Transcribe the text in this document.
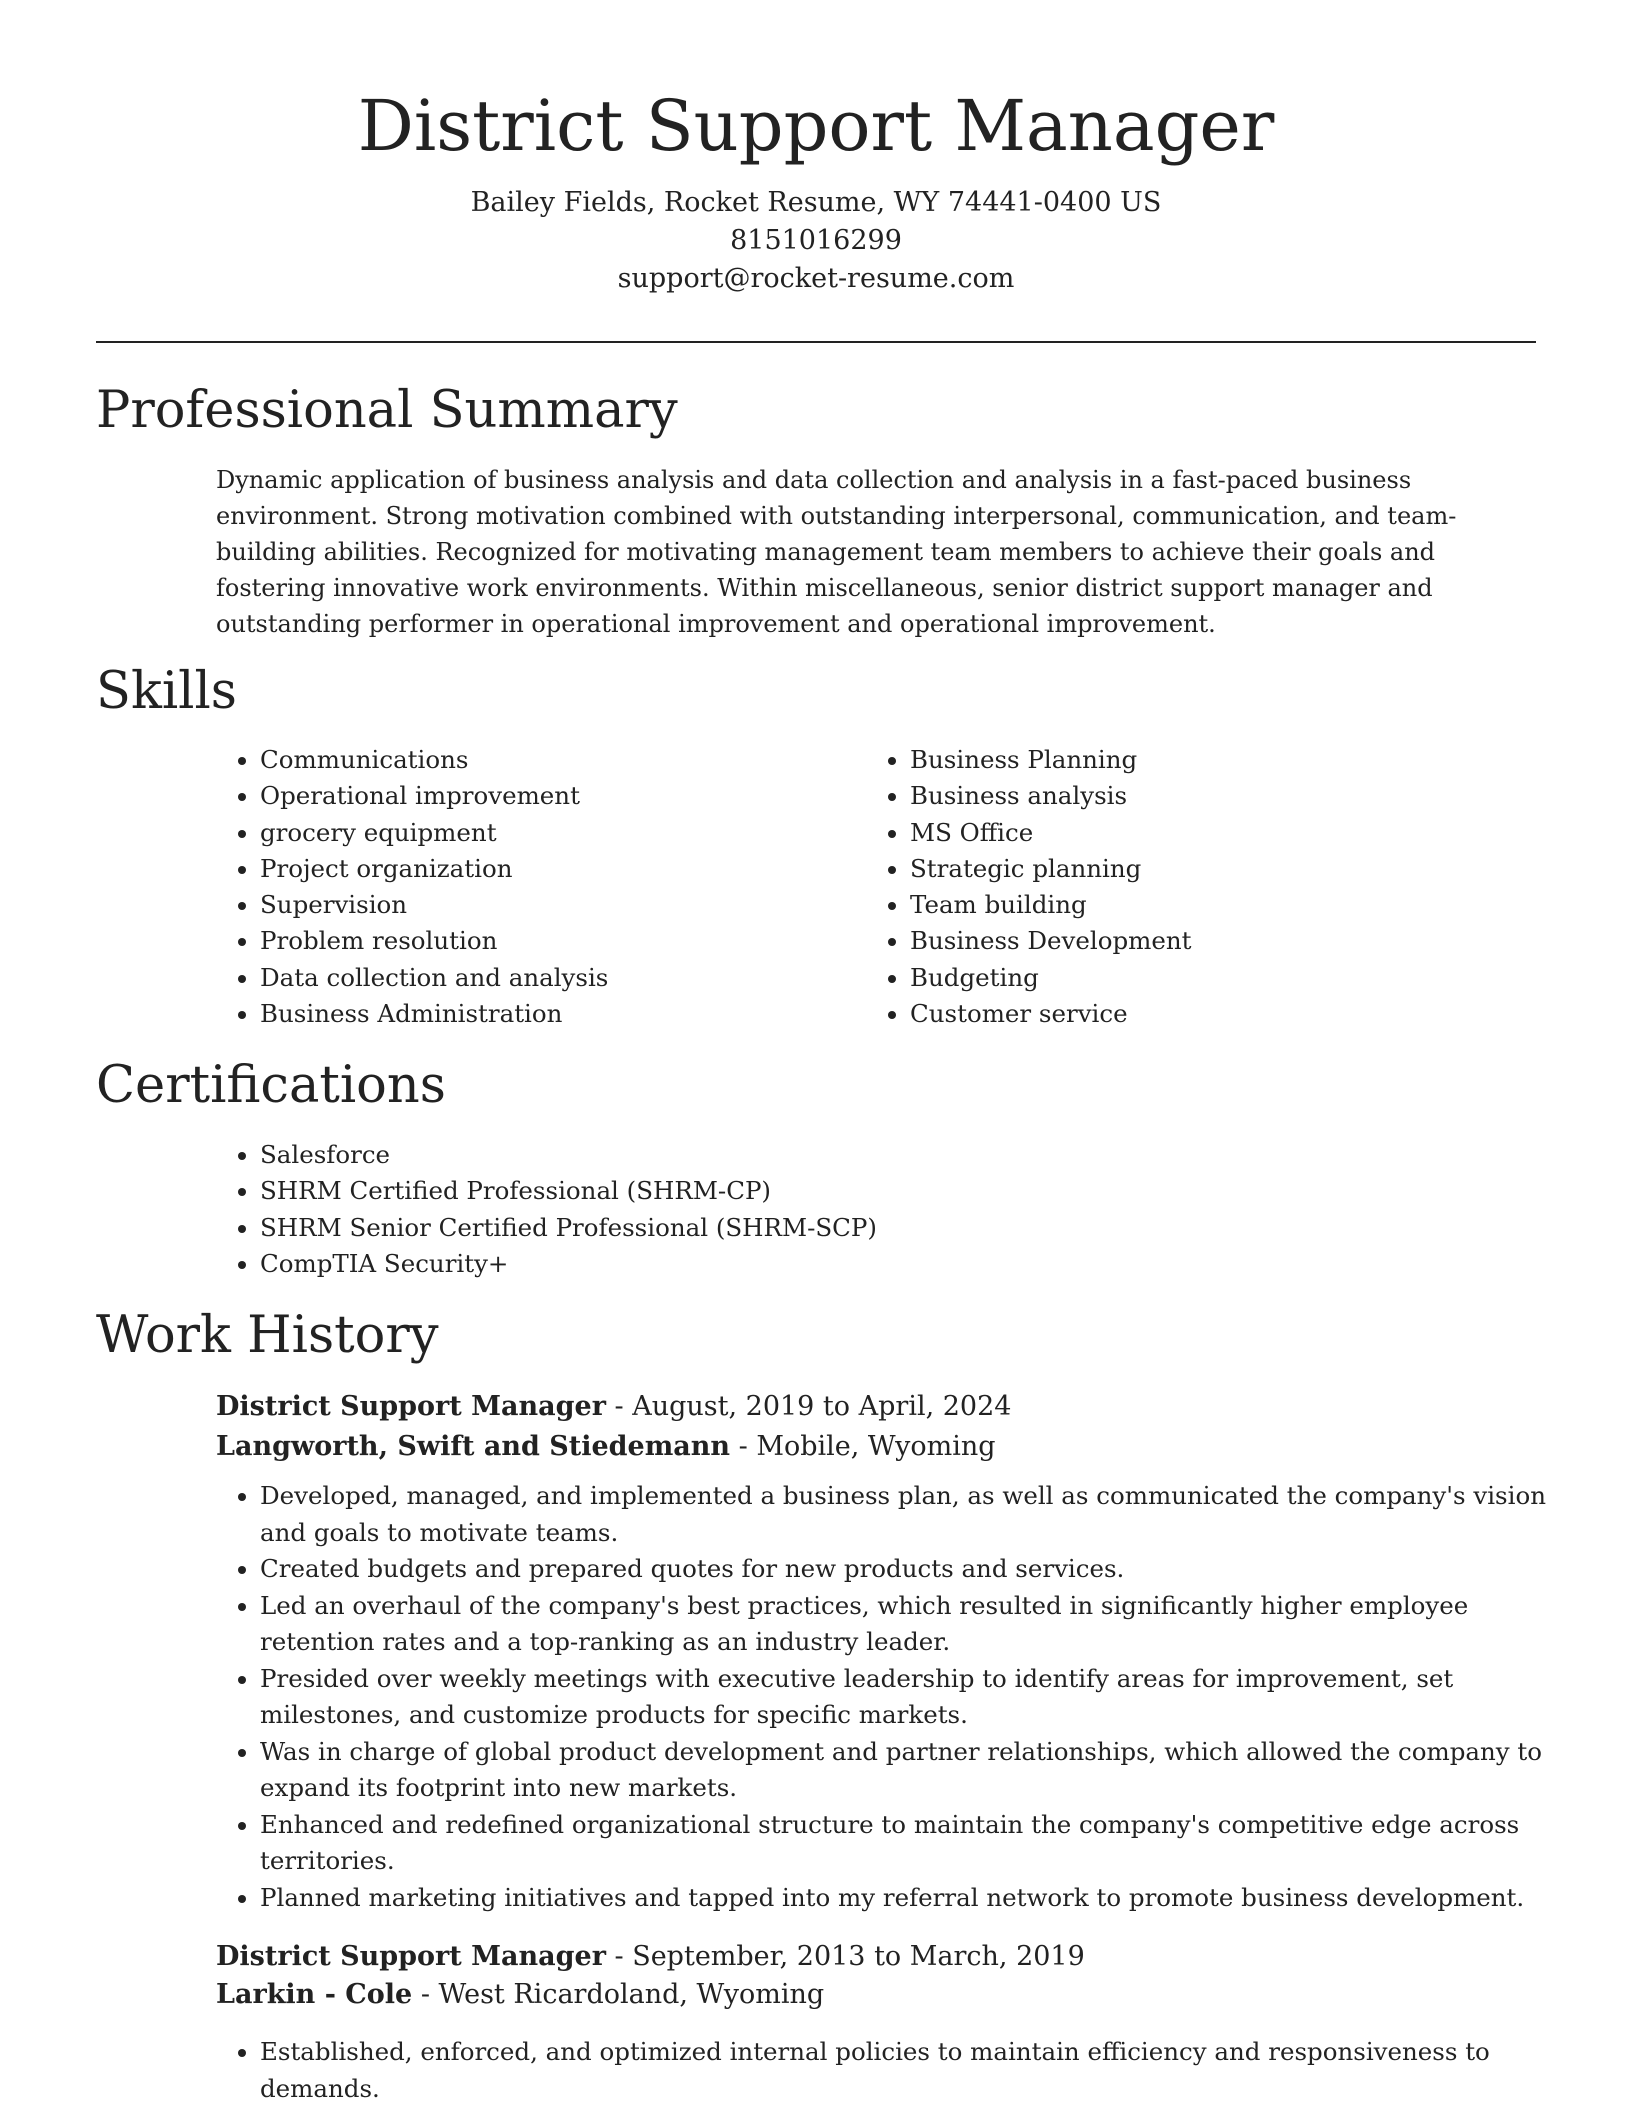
District Support Manager
Bailey Fields, Rocket Resume, WY 74441-0400 US
8151016299
support@rocket-resume.com
Professional Summary

Dynamic application of business analysis and data collection and analysis in a fast-paced business environment. Strong motivation combined with outstanding interpersonal, communication, and team-building abilities. Recognized for motivating management team members to achieve their goals and fostering innovative work environments. Within miscellaneous, senior district support manager and outstanding performer in operational improvement and operational improvement.

Skills
• Communications
• Operational improvement
• grocery equipment
• Project organization
• Supervision
• Problem resolution
• Data collection and analysis
• Business Administration
• Business Planning
• Business analysis
• MS Office
• Strategic planning
• Team building
• Business Development
• Budgeting
• Customer service
Certifications
• Salesforce
• SHRM Certified Professional (SHRM-CP)
• SHRM Senior Certified Professional (SHRM-SCP)
• CompTIA Security+
Work History
District Support Manager - August, 2019 to April, 2024
Langworth, Swift and Stiedemann - Mobile, Wyoming
• Developed, managed, and implemented a business plan, as well as communicated the company's vision and goals to motivate teams.
• Created budgets and prepared quotes for new products and services.
• Led an overhaul of the company's best practices, which resulted in significantly higher employee retention rates and a top-ranking as an industry leader.
• Presided over weekly meetings with executive leadership to identify areas for improvement, set milestones, and customize products for specific markets.
• Was in charge of global product development and partner relationships, which allowed the company to expand its footprint into new markets.
• Enhanced and redefined organizational structure to maintain the company's competitive edge across territories.
• Planned marketing initiatives and tapped into my referral network to promote business development.
District Support Manager - September, 2013 to March, 2019
Larkin - Cole - West Ricardoland, Wyoming
• Established, enforced, and optimized internal policies to maintain efficiency and responsiveness to demands.
